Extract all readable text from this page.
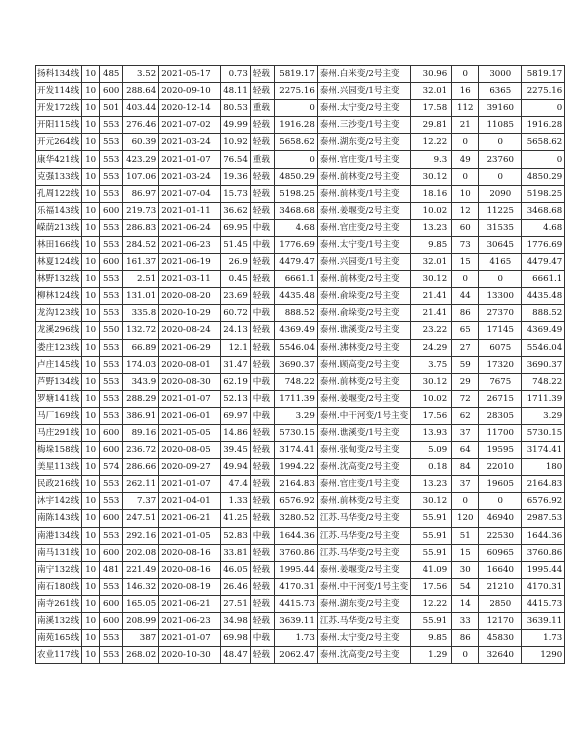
扬科134线	10	485	3.52	2021-05-17	0.73	轻载	5819.17	泰州.白米变/2号主变	30.96	0	3000	5819.17
开发114线	10	600	288.64	2020-09-10	48.11	轻载	2275.16	泰州.兴园变/1号主变	32.01	16	6365	2275.16
开发172线	10	501	403.44	2020-12-14	80.53	重载	0	泰州.太宁变/2号主变	17.58	112	39160	0
开阳115线	10	553	276.46	2021-07-02	49.99	轻载	1916.28	泰州.三沙变/1号主变	29.81	21	11085	1916.28
开元264线	10	553	60.39	2021-03-24	10.92	轻载	5658.62	泰州.湖东变/2号主变	12.22	0	0	5658.62
康华421线	10	553	423.29	2021-01-07	76.54	重载	0	泰州.官庄变/1号主变	9.3	49	23760	0
克强133线	10	553	107.06	2021-03-24	19.36	轻载	4850.29	泰州.前林变/2号主变	30.12	0	0	4850.29
孔周122线	10	553	86.97	2021-07-04	15.73	轻载	5198.25	泰州.前林变/1号主变	18.16	10	2090	5198.25
乐福143线	10	600	219.73	2021-01-11	36.62	轻载	3468.68	泰州.姜堰变/2号主变	10.02	12	11225	3468.68
嵘荫213线	10	553	286.83	2021-06-24	69.95	中载	4.68	泰州.官庄变/2号主变	13.23	60	31535	4.68
林田166线	10	553	284.52	2021-06-23	51.45	中载	1776.69	泰州.太宁变/1号主变	9.85	73	30645	1776.69
林夏124线	10	600	161.37	2021-06-19	26.9	轻载	4479.47	泰州.兴园变/1号主变	32.01	15	4165	4479.47
林野132线	10	553	2.51	2021-03-11	0.45	轻载	6661.1	泰州.前林变/2号主变	30.12	0	0	6661.1
柳林124线	10	553	131.01	2020-08-20	23.69	轻载	4435.48	泰州.俞垛变/2号主变	21.41	44	13300	4435.48
龙沟123线	10	553	335.8	2020-10-29	60.72	中载	888.52	泰州.俞垛变/2号主变	21.41	86	27370	888.52
龙溪296线	10	550	132.72	2020-08-24	24.13	轻载	4369.49	泰州.谯溪变/2号主变	23.22	65	17145	4369.49
娄庄123线	10	553	66.89	2021-06-29	12.1	轻载	5546.04	泰州.沸林变/2号主变	24.29	27	6075	5546.04
卢庄145线	10	553	174.03	2020-08-01	31.47	轻载	3690.37	泰州.顾高变/2号主变	3.75	59	17320	3690.37
芦野134线	10	553	343.9	2020-08-30	62.19	中载	748.22	泰州.前林变/2号主变	30.12	29	7675	748.22
罗塘141线	10	553	288.29	2021-01-07	52.13	中载	1711.39	泰州.姜堰变/2号主变	10.02	72	26715	1711.39
马厂169线	10	553	386.91	2021-06-01	69.97	中载	3.29	泰州.中干河变/1号主变	17.56	62	28305	3.29
马庄291线	10	600	89.16	2021-05-05	14.86	轻载	5730.15	泰州.谯溪变/1号主变	13.93	37	11700	5730.15
梅垛158线	10	600	236.72	2020-08-05	39.45	轻载	3174.41	泰州.张甸变/2号主变	5.09	64	19595	3174.41
美星113线	10	574	286.66	2020-09-27	49.94	轻载	1994.22	泰州.沈高变/2号主变	0.18	84	22010	180
民政216线	10	553	262.11	2021-01-07	47.4	轻载	2164.83	泰州.官庄变/1号主变	13.23	37	19605	2164.83
沐宇142线	10	553	7.37	2021-04-01	1.33	轻载	6576.92	泰州.前林变/2号主变	30.12	0	0	6576.92
南陈143线	10	600	247.51	2021-06-21	41.25	轻载	3280.52	江苏.马华变/2号主变	55.91	120	46940	2987.53
南港134线	10	553	292.16	2021-01-05	52.83	中载	1644.36	江苏.马华变/2号主变	55.91	51	22530	1644.36
南马131线	10	600	202.08	2020-08-16	33.81	轻载	3760.86	江苏.马华变/2号主变	55.91	15	60965	3760.86
南宁132线	10	481	221.49	2020-08-16	46.05	轻载	1995.44	泰州.姜堰变/2号主变	41.09	30	16640	1995.44
南石180线	10	553	146.32	2020-08-19	26.46	轻载	4170.31	泰州.中干河变/1号主变	17.56	54	21210	4170.31
南寺261线	10	600	165.05	2021-06-21	27.51	轻载	4415.73	泰州.湖东变/2号主变	12.22	14	2850	4415.73
南溪132线	10	600	208.99	2021-06-23	34.98	轻载	3639.11	江苏.马华变/2号主变	55.91	33	12170	3639.11
南苑165线	10	553	387	2021-01-07	69.98	中载	1.73	泰州.太宁变/2号主变	9.85	86	45830	1.73
农业117线	10	553	268.02	2020-10-30	48.47	轻载	2062.47	泰州.沈高变/2号主变	1.29	0	32640	1290
